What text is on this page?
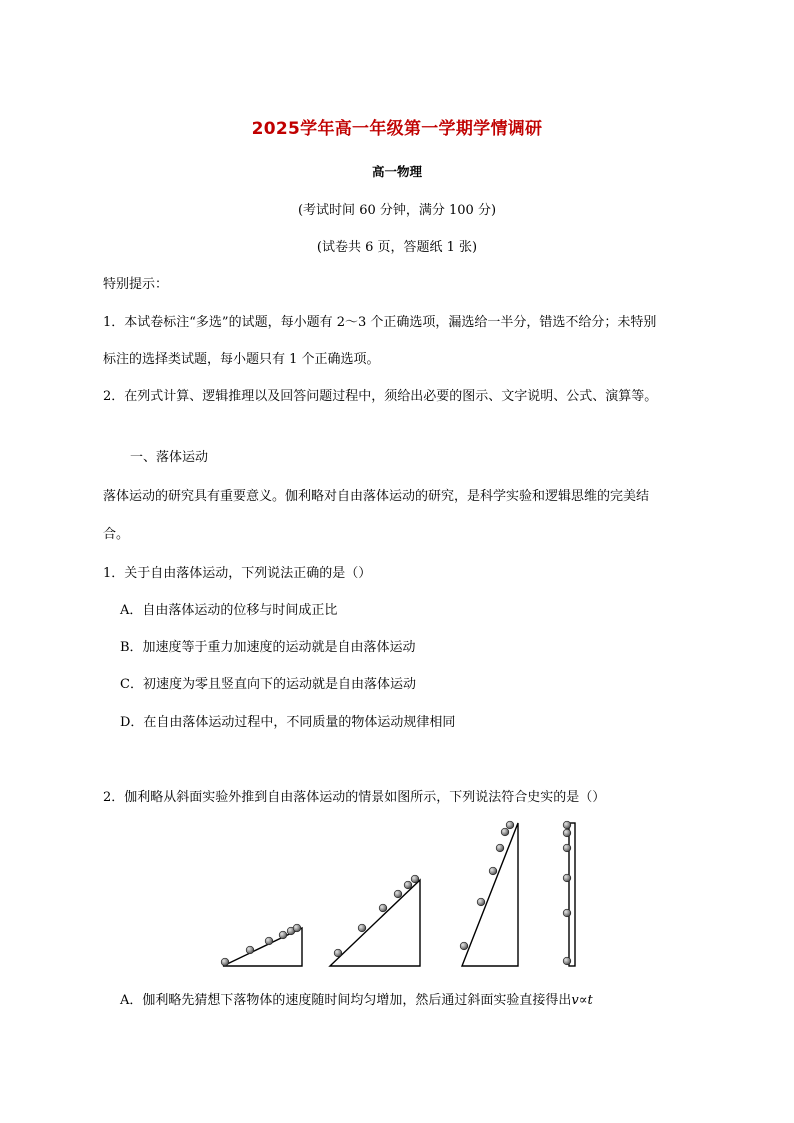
2025学年高一年级第一学期学情调研
高一物理
(考试时间 60 分钟，满分 100 分)
(试卷共 6 页，答题纸 1 张)
特别提示：
1．本试卷标注“多选”的试题，每小题有 2～3 个正确选项，漏选给一半分，错选不给分；未特别
标注的选择类试题，每小题只有 1 个正确选项。
2．在列式计算、逻辑推理以及回答问题过程中，须给出必要的图示、文字说明、公式、演算等。
一、落体运动
落体运动的研究具有重要意义。伽利略对自由落体运动的研究，是科学实验和逻辑思维的完美结
合。
1．关于自由落体运动，下列说法正确的是（）
A．自由落体运动的位移与时间成正比
B．加速度等于重力加速度的运动就是自由落体运动
C．初速度为零且竖直向下的运动就是自由落体运动
D．在自由落体运动过程中，不同质量的物体运动规律相同
2．伽利略从斜面实验外推到自由落体运动的情景如图所示，下列说法符合史实的是（）
A．伽利略先猜想下落物体的速度随时间均匀增加，然后通过斜面实验直接得出v∝t
